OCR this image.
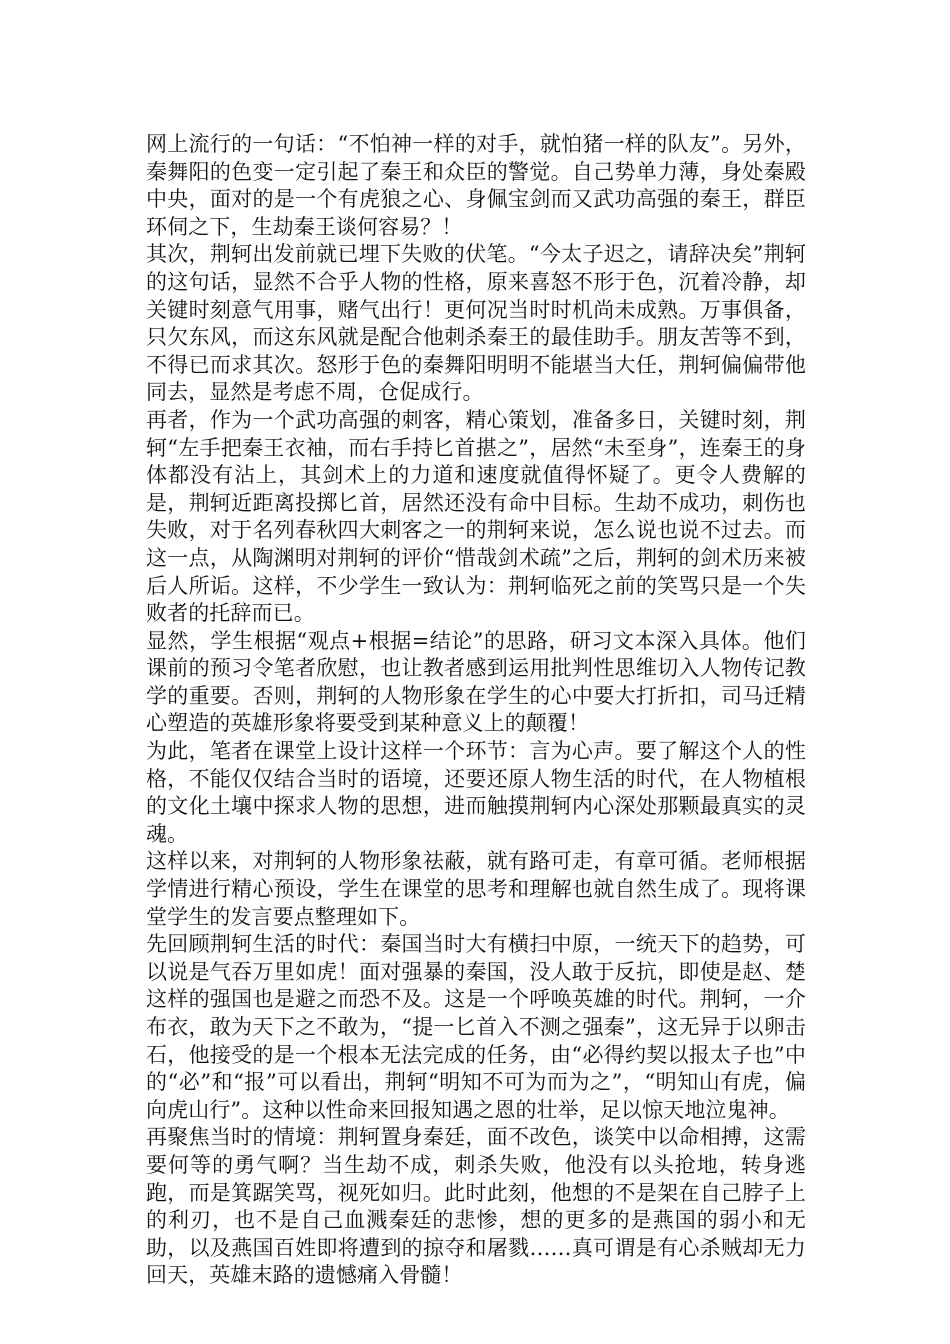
网上流行的一句话：“不怕神一样的对手，就怕猪一样的队友”。另外，秦舞阳的色变一定引起了秦王和众臣的警觉。自己势单力薄，身处秦殿中央，面对的是一个有虎狼之心、身佩宝剑而又武功高强的秦王，群臣环伺之下，生劫秦王谈何容易？！

其次，荆轲出发前就已埋下失败的伏笔。“今太子迟之，请辞决矣”荆轲的这句话，显然不合乎人物的性格，原来喜怒不形于色，沉着冷静，却关键时刻意气用事，赌气出行！更何况当时时机尚未成熟。万事俱备，只欠东风，而这东风就是配合他刺杀秦王的最佳助手。朋友苦等不到，不得已而求其次。怒形于色的秦舞阳明明不能堪当大任，荆轲偏偏带他同去，显然是考虑不周，仓促成行。

再者，作为一个武功高强的刺客，精心策划，准备多日，关键时刻，荆轲“左手把秦王衣袖，而右手持匕首揕之”，居然“未至身”，连秦王的身体都没有沾上，其剑术上的力道和速度就值得怀疑了。更令人费解的是，荆轲近距离投掷匕首，居然还没有命中目标。生劫不成功，刺伤也失败，对于名列春秋四大刺客之一的荆轲来说，怎么说也说不过去。而这一点，从陶渊明对荆轲的评价“惜哉剑术疏”之后，荆轲的剑术历来被后人所诟。这样，不少学生一致认为：荆轲临死之前的笑骂只是一个失败者的托辞而已。

显然，学生根据“观点+根据=结论”的思路，研习文本深入具体。他们课前的预习令笔者欣慰，也让教者感到运用批判性思维切入人物传记教学的重要。否则，荆轲的人物形象在学生的心中要大打折扣，司马迁精心塑造的英雄形象将要受到某种意义上的颠覆！

为此，笔者在课堂上设计这样一个环节：言为心声。要了解这个人的性格，不能仅仅结合当时的语境，还要还原人物生活的时代，在人物植根的文化土壤中探求人物的思想，进而触摸荆轲内心深处那颗最真实的灵魂。

这样以来，对荆轲的人物形象祛蔽，就有路可走，有章可循。老师根据学情进行精心预设，学生在课堂的思考和理解也就自然生成了。现将课堂学生的发言要点整理如下。

先回顾荆轲生活的时代：秦国当时大有横扫中原，一统天下的趋势，可以说是气吞万里如虎！面对强暴的秦国，没人敢于反抗，即使是赵、楚这样的强国也是避之而恐不及。这是一个呼唤英雄的时代。荆轲，一介布衣，敢为天下之不敢为，“提一匕首入不测之强秦”，这无异于以卵击石，他接受的是一个根本无法完成的任务，由“必得约契以报太子也”中的“必”和“报”可以看出，荆轲“明知不可为而为之”，“明知山有虎，偏向虎山行”。这种以性命来回报知遇之恩的壮举，足以惊天地泣鬼神。

再聚焦当时的情境：荆轲置身秦廷，面不改色，谈笑中以命相搏，这需要何等的勇气啊？当生劫不成，刺杀失败，他没有以头抢地，转身逃跑，而是箕踞笑骂，视死如归。此时此刻，他想的不是架在自己脖子上的利刃，也不是自己血溅秦廷的悲惨，想的更多的是燕国的弱小和无助，以及燕国百姓即将遭到的掠夺和屠戮……真可谓是有心杀贼却无力回天，英雄末路的遗憾痛入骨髓！
